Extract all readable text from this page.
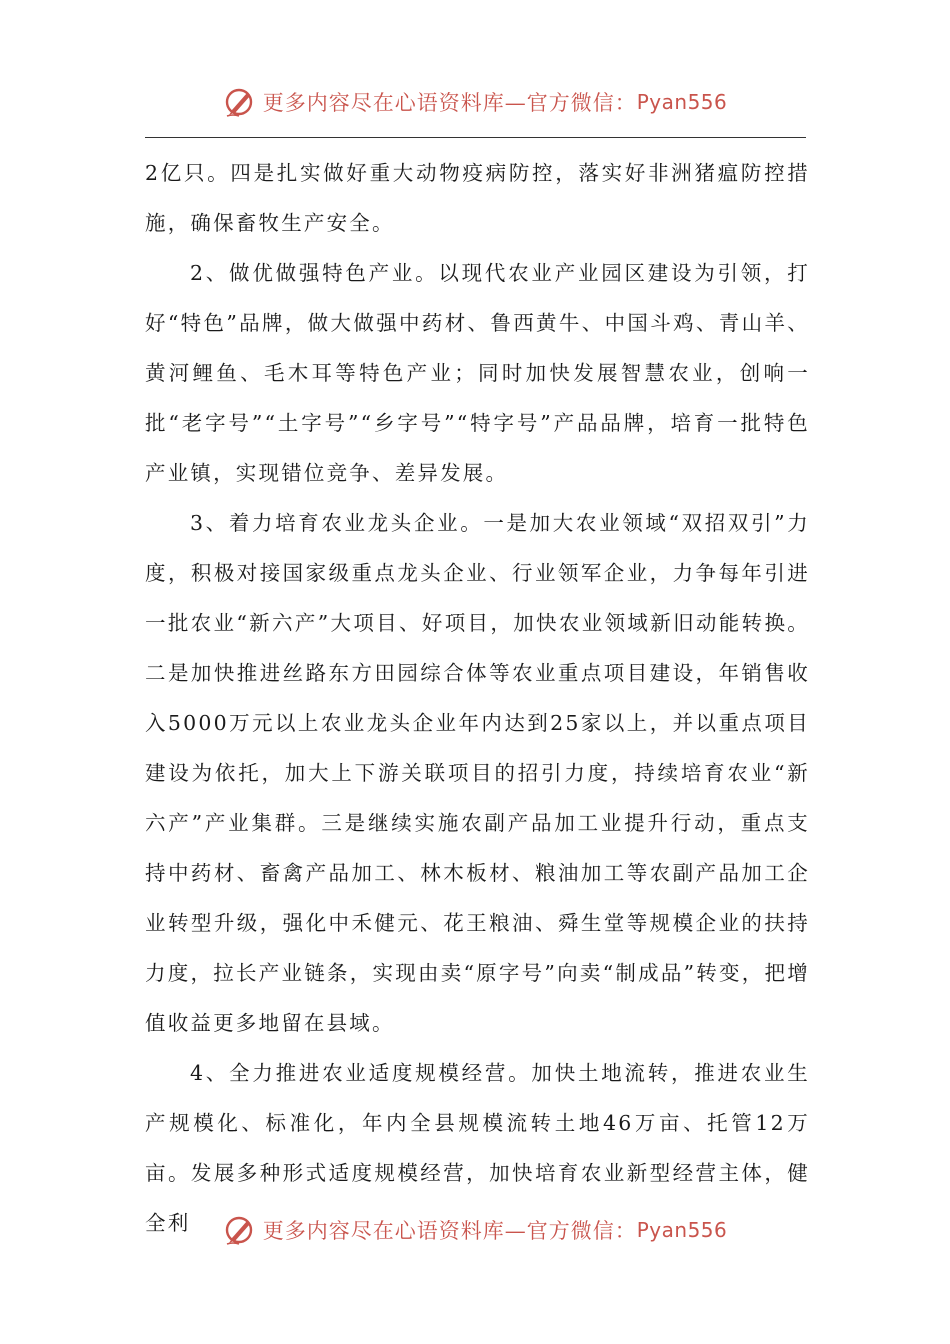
更多内容尽在心语资料库—官方微信： Pyan556

2亿只。四是扎实做好重大动物疫病防控，落实好非洲猪瘟防控措施，确保畜牧生产安全。

2、做优做强特色产业。以现代农业产业园区建设为引领，打好“特色”品牌，做大做强中药材、鲁西黄牛、中国斗鸡、青山羊、黄河鲤鱼、毛木耳等特色产业；同时加快发展智慧农业，创响一批“老字号”“土字号”“乡字号”“特字号”产品品牌，培育一批特色产业镇，实现错位竞争、差异发展。

3、着力培育农业龙头企业。一是加大农业领域“双招双引”力度，积极对接国家级重点龙头企业、行业领军企业，力争每年引进一批农业“新六产”大项目、好项目，加快农业领域新旧动能转换。二是加快推进丝路东方田园综合体等农业重点项目建设，年销售收入5000万元以上农业龙头企业年内达到25家以上，并以重点项目建设为依托，加大上下游关联项目的招引力度，持续培育农业“新六产”产业集群。三是继续实施农副产品加工业提升行动，重点支持中药材、畜禽产品加工、林木板材、粮油加工等农副产品加工企业转型升级，强化中禾健元、花王粮油、舜生堂等规模企业的扶持力度，拉长产业链条，实现由卖“原字号”向卖“制成品”转变，把增值收益更多地留在县域。

4、全力推进农业适度规模经营。加快土地流转，推进农业生产规模化、标准化，年内全县规模流转土地46万亩、托管12万亩。发展多种形式适度规模经营，加快培育农业新型经营主体，健全利	更多内容尽在心语资料库—官方微信： Pyan556
